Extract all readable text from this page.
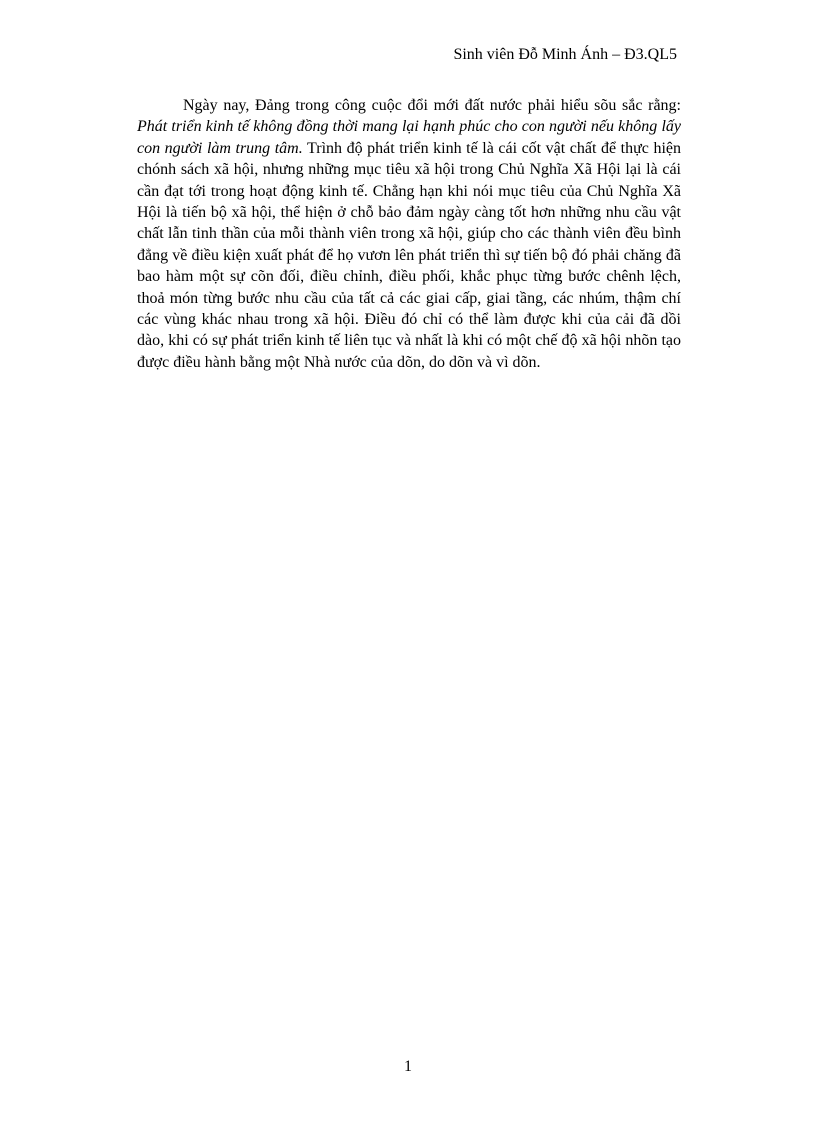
Sinh viên Đỗ Minh Ánh – Đ3.QL5
Ngày nay, Đảng trong công cuộc đổi mới đất nước phải hiểu sõu sắc rằng: Phát triển kinh tế không đồng thời mang lại hạnh phúc cho con người nếu không lấy con người làm trung tâm. Trình độ phát triển kinh tế là cái cốt vật chất để thực hiện chónh sách xã hội, nhưng những mục tiêu xã hội trong Chủ Nghĩa Xã Hội lại là cái cần đạt tới trong hoạt động kinh tế. Chẳng hạn khi nói mục tiêu của Chủ Nghĩa Xã Hội là tiến bộ xã hội, thể hiện ở chỗ bảo đảm ngày càng tốt hơn những nhu cầu vật chất lẫn tinh thần của mỗi thành viên trong xã hội, giúp cho các thành viên đều bình đẳng về điều kiện xuất phát để họ vươn lên phát triển thì sự tiến bộ đó phải chăng đã bao hàm một sự cõn đối, điều chỉnh, điều phối, khắc phục từng bước chênh lệch, thoả món từng bước nhu cầu của tất cả các giai cấp, giai tầng, các nhúm, thậm chí các vùng khác nhau trong xã hội. Điều đó chỉ có thể làm được khi của cải đã dồi dào, khi có sự phát triển kinh tế liên tục và nhất là khi có một chế độ xã hội nhõn tạo được điều hành bằng một Nhà nước của dõn, do dõn và vì dõn.
1
